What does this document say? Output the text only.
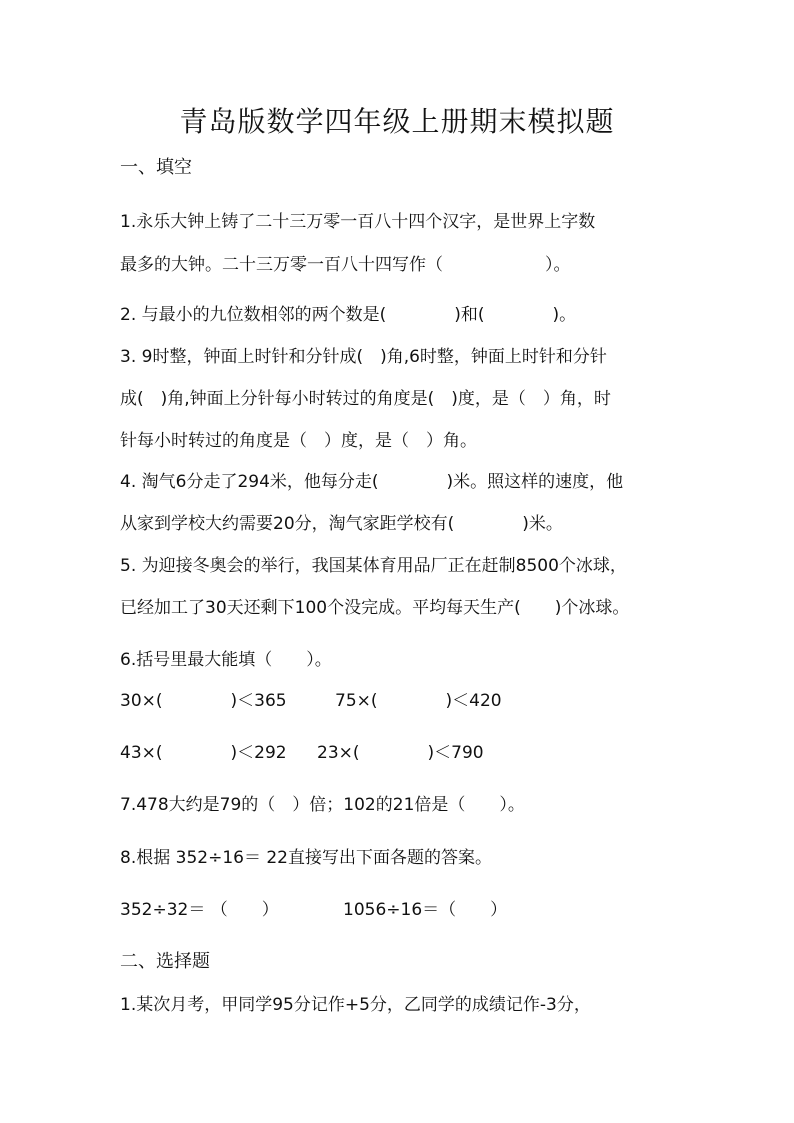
青岛版数学四年级上册期末模拟题
一、填空
1.永乐大钟上铸了二十三万零一百八十四个汉字，是世界上字数
最多的大钟。二十三万零一百八十四写作（　　　　　　）。
2. 与最小的九位数相邻的两个数是(　　　　)和(　　　　)。
3. 9时整，钟面上时针和分针成(　)角,6时整，钟面上时针和分针
成(　)角,钟面上分针每小时转过的角度是(　)度，是（　）角，时
针每小时转过的角度是（　）度，是（　）角。
4. 淘气6分走了294米，他每分走(　　　　)米。照这样的速度，他
从家到学校大约需要20分，淘气家距学校有(　　　　)米。
5. 为迎接冬奥会的举行，我国某体育用品厂正在赶制8500个冰球，
已经加工了30天还剩下100个没完成。平均每天生产(　　)个冰球。
6.括号里最大能填（　　）。
30×(　　　　)＜365	75×(　　　　)＜420
43×(　　　　)＜292 23×(　　　　)＜790
7.478大约是79的（　）倍；102的21倍是（　　）。
8.根据 352÷16＝ 22直接写出下面各题的答案。
352÷32＝ （　　）	1056÷16＝（　　）
二、选择题
1.某次月考，甲同学95分记作+5分，乙同学的成绩记作-3分，
